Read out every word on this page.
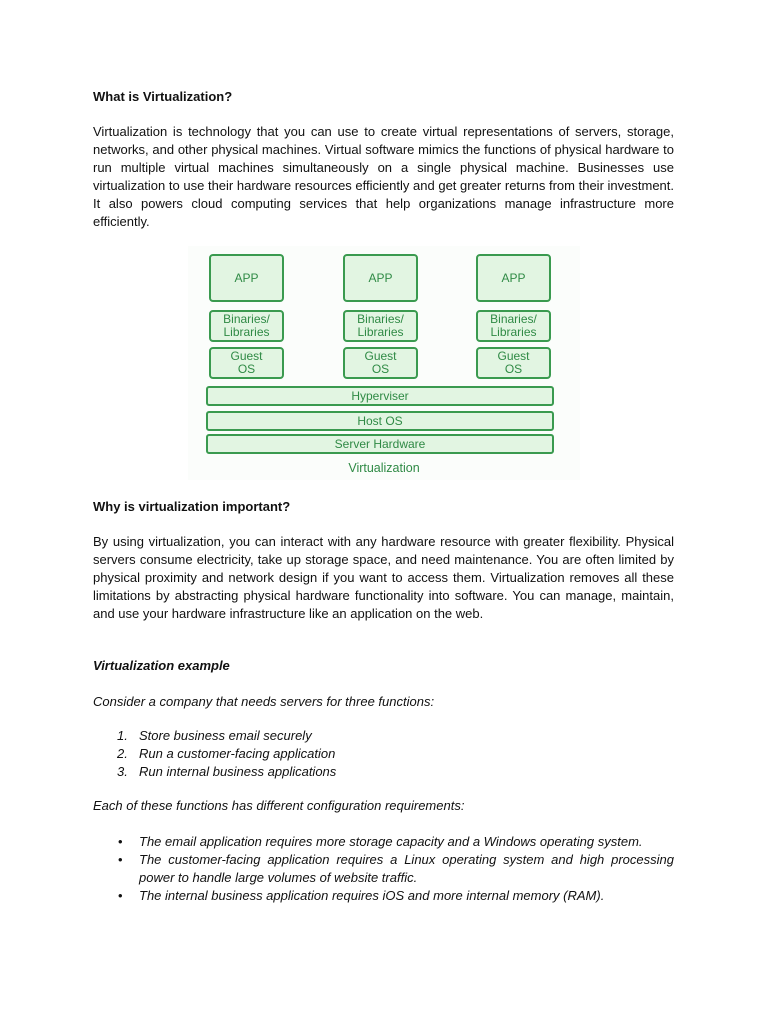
What is Virtualization?

Virtualization is technology that you can use to create virtual representations of servers, storage, networks, and other physical machines. Virtual software mimics the functions of physical hardware to run multiple virtual machines simultaneously on a single physical machine. Businesses use virtualization to use their hardware resources efficiently and get greater returns from their investment. It also powers cloud computing services that help organizations manage infrastructure more efficiently.

Why is virtualization important?

By using virtualization, you can interact with any hardware resource with greater flexibility. Physical servers consume electricity, take up storage space, and need maintenance. You are often limited by physical proximity and network design if you want to access them. Virtualization removes all these limitations by abstracting physical hardware functionality into software. You can manage, maintain, and use your hardware infrastructure like an application on the web.

Virtualization example

Consider a company that needs servers for three functions:

1. Store business email securely
2. Run a customer-facing application
3. Run internal business applications

Each of these functions has different configuration requirements:

• The email application requires more storage capacity and a Windows operating system.
• The customer-facing application requires a Linux operating system and high processing power to handle large volumes of website traffic.
• The internal business application requires iOS and more internal memory (RAM).
APP
Binaries/
Libraries
Guest
OS
APP
Binaries/
Libraries
Guest
OS
APP
Binaries/
Libraries
Guest
OS
Hyperviser
Host OS
Server Hardware
Virtualization
